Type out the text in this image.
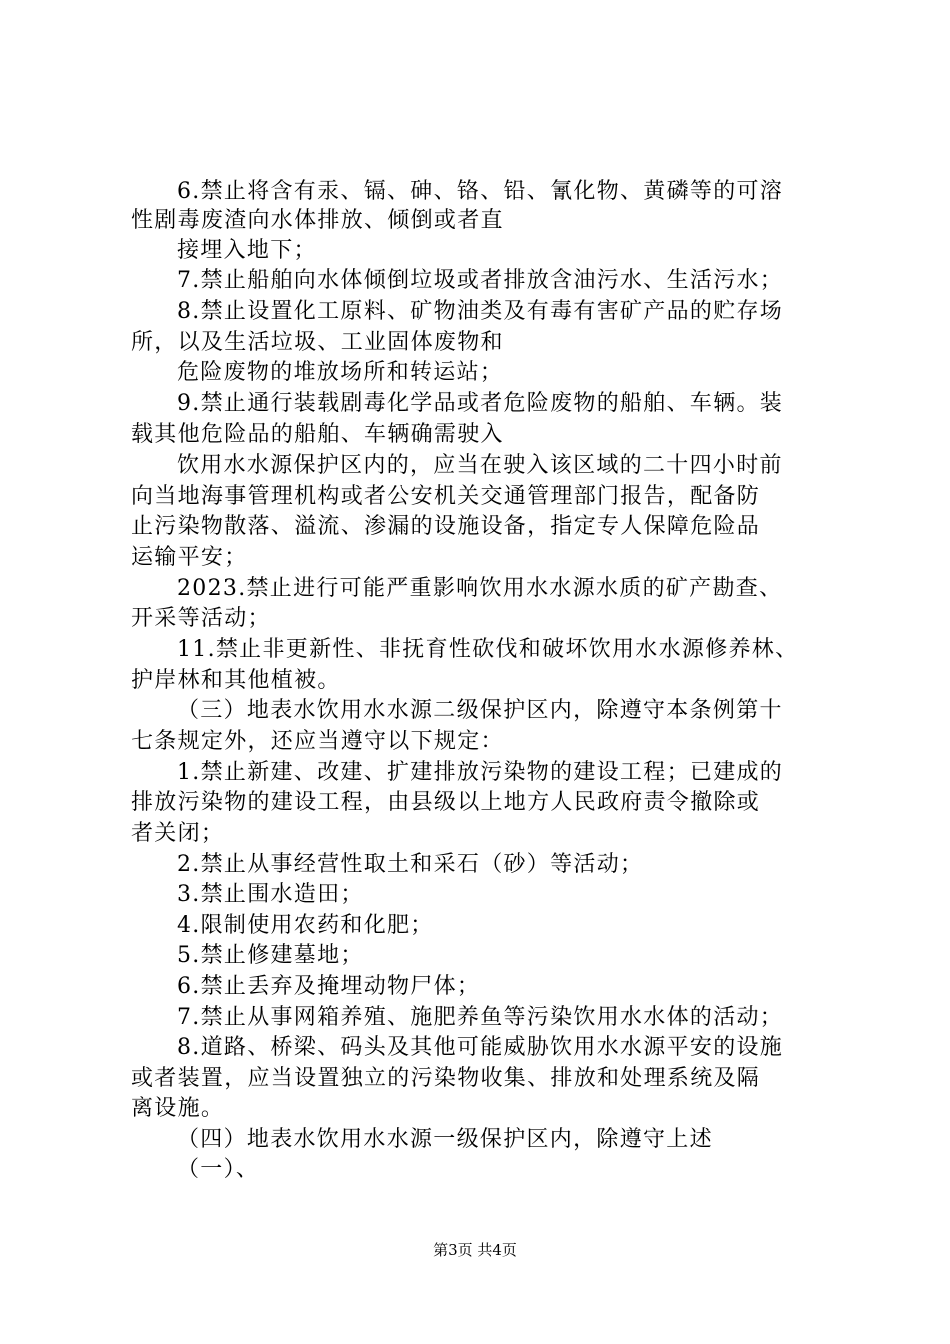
6.禁止将含有汞、镉、砷、铬、铅、氰化物、黄磷等的可溶
性剧毒废渣向水体排放、倾倒或者直
接埋入地下；
7.禁止船舶向水体倾倒垃圾或者排放含油污水、生活污水；
8.禁止设置化工原料、矿物油类及有毒有害矿产品的贮存场
所，以及生活垃圾、工业固体废物和
危险废物的堆放场所和转运站；
9.禁止通行装载剧毒化学品或者危险废物的船舶、车辆。装
载其他危险品的船舶、车辆确需驶入
饮用水水源保护区内的，应当在驶入该区域的二十四小时前
向当地海事管理机构或者公安机关交通管理部门报告，配备防
止污染物散落、溢流、渗漏的设施设备，指定专人保障危险品
运输平安；
2023.禁止进行可能严重影响饮用水水源水质的矿产勘查、
开采等活动；
11.禁止非更新性、非抚育性砍伐和破坏饮用水水源修养林、
护岸林和其他植被。
（三）地表水饮用水水源二级保护区内，除遵守本条例第十
七条规定外，还应当遵守以下规定：
1.禁止新建、改建、扩建排放污染物的建设工程；已建成的
排放污染物的建设工程，由县级以上地方人民政府责令撤除或
者关闭；
2.禁止从事经营性取土和采石（砂）等活动；
3.禁止围水造田；
4.限制使用农药和化肥；
5.禁止修建墓地；
6.禁止丢弃及掩埋动物尸体；
7.禁止从事网箱养殖、施肥养鱼等污染饮用水水体的活动；
8.道路、桥梁、码头及其他可能威胁饮用水水源平安的设施
或者装置，应当设置独立的污染物收集、排放和处理系统及隔
离设施。
（四）地表水饮用水水源一级保护区内，除遵守上述
（一）、
第3页 共4页
